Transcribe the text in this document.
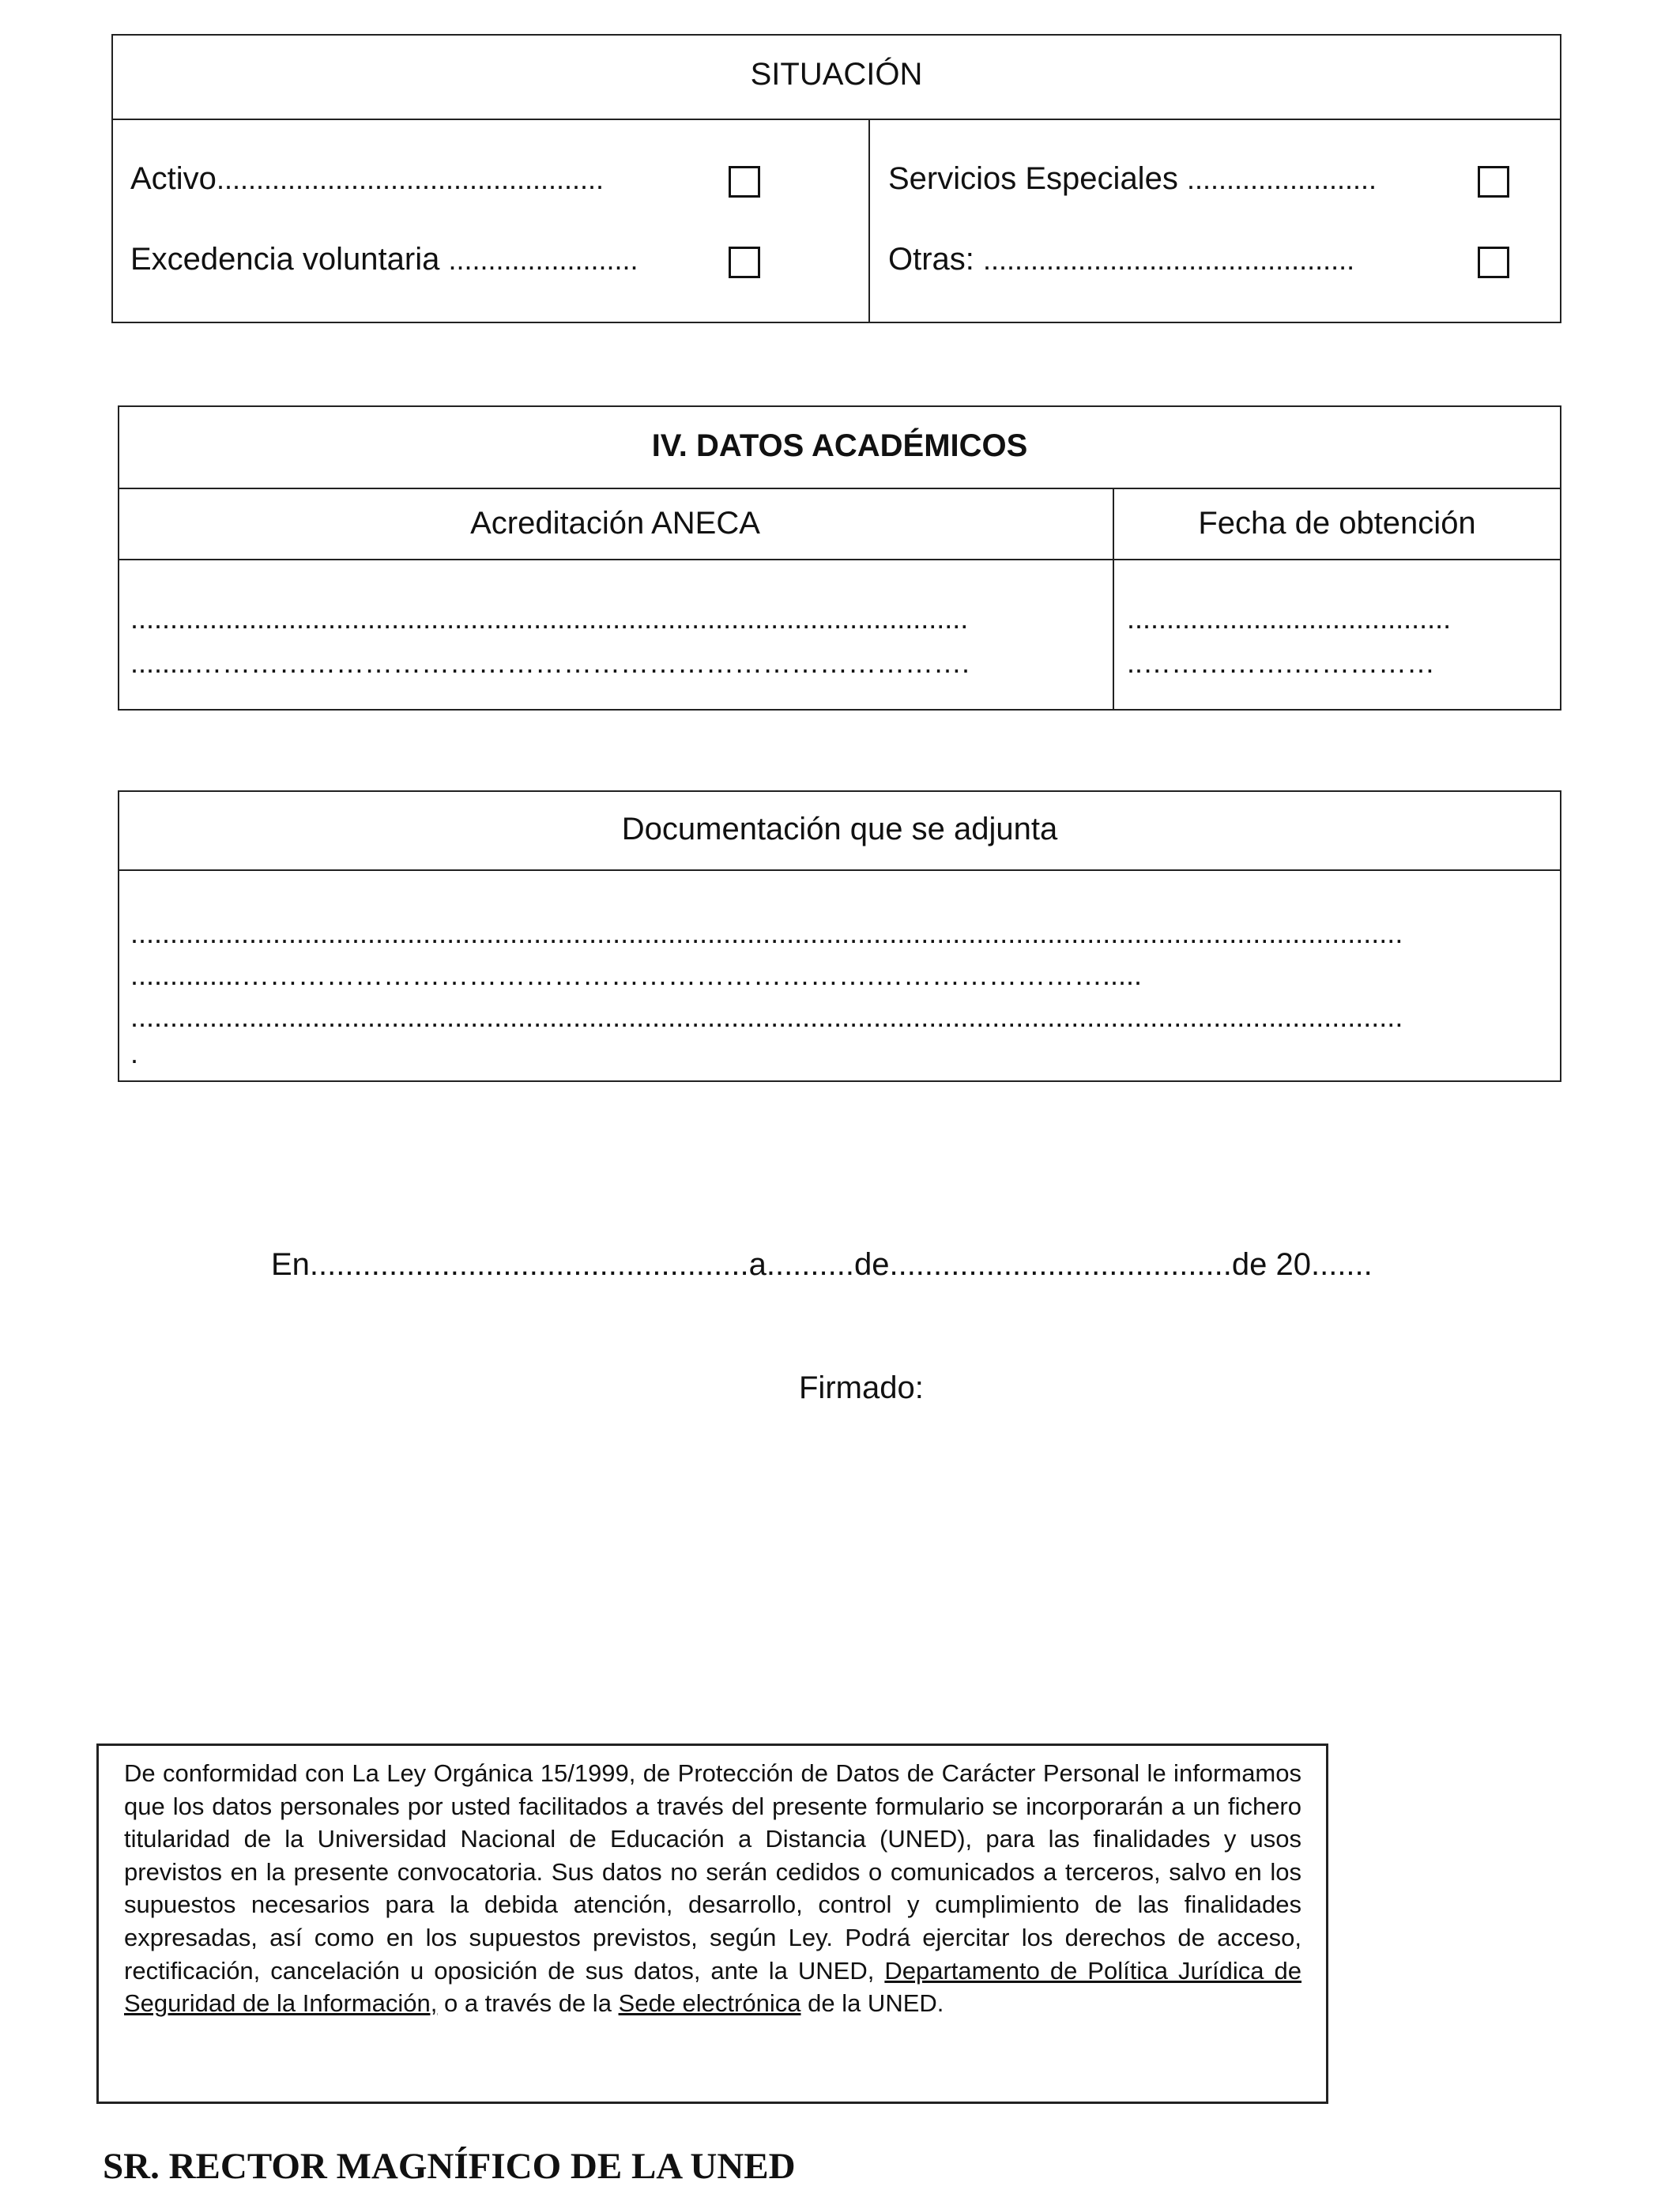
SITUACIÓN
Activo.................................................
Excedencia voluntaria ........................
Servicios Especiales ........................
Otras: ...............................................
IV. DATOS ACADÉMICOS
Acreditación ANECA	Fecha de obtención
..........................................................................................................
........……………………………………………………………………….
.........................................
..…………….……………
Documentación que se adjunta
.................................................................................................................................................................
..............………………………………………………………….…………………….....
.................................................................................................................................................................
.
En..................................................a..........de.......................................de 20.......
Firmado:
De conformidad con La Ley Orgánica 15/1999, de Protección de Datos de Carácter Personal le informamos que los datos personales por usted facilitados a través del presente formulario se incorporarán a un fichero titularidad de la Universidad Nacional de Educación a Distancia (UNED), para las finalidades y usos previstos en la presente convocatoria. Sus datos no serán cedidos o comunicados a terceros, salvo en los supuestos necesarios para la debida atención, desarrollo, control y cumplimiento de las finalidades expresadas, así como en los supuestos previstos, según Ley. Podrá ejercitar los derechos de acceso, rectificación, cancelación u oposición de sus datos, ante la UNED, Departamento de Política Jurídica de Seguridad de la Información, o a través de la Sede electrónica de la UNED.
SR. RECTOR MAGNÍFICO DE LA UNED
